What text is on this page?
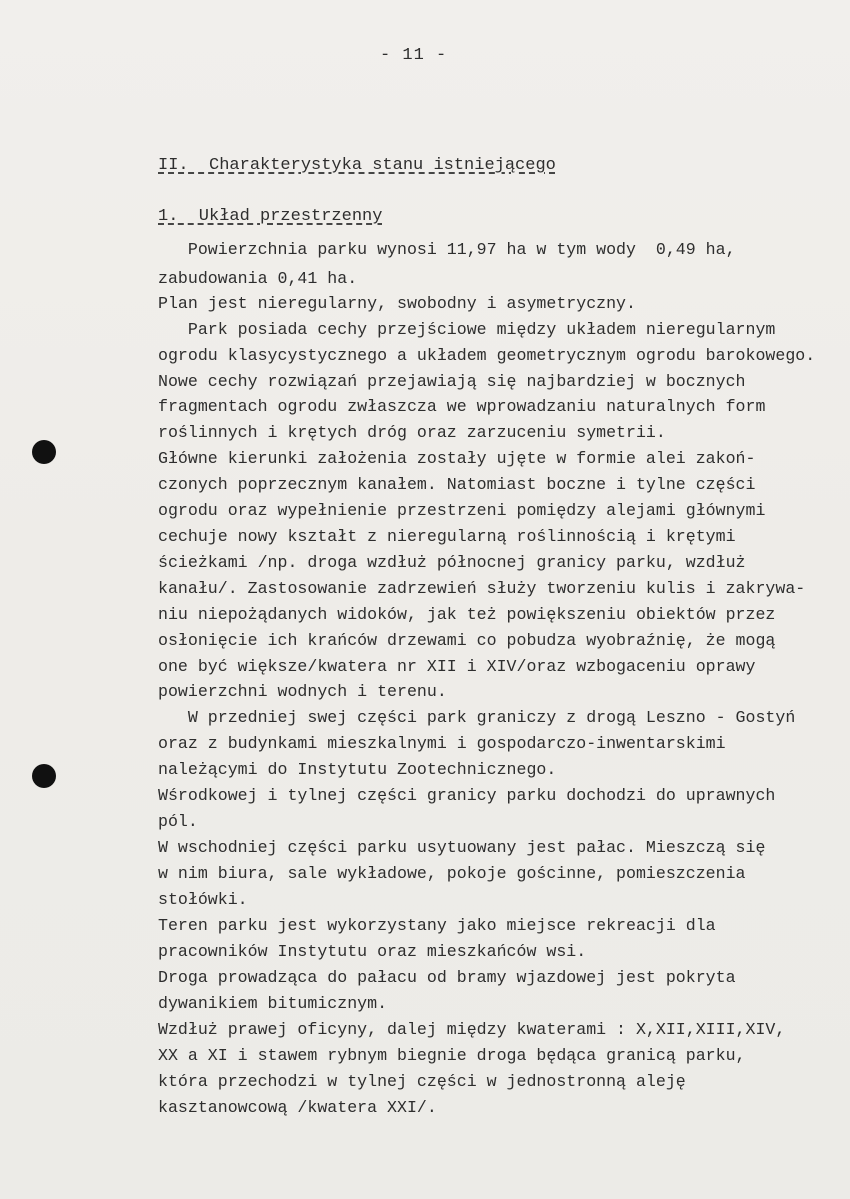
- 11 -
II.  Charakterystyka stanu istniejącego
1.  Układ przestrzenny
Powierzchnia parku wynosi 11,97 ha w tym wody  0,49 ha,
zabudowania 0,41 ha.
Plan jest nieregularny, swobodny i asymetryczny.
Park posiada cechy przejściowe między układem nieregularnym
ogrodu klasycystycznego a układem geometrycznym ogrodu barokowego.
Nowe cechy rozwiązań przejawiają się najbardziej w bocznych
fragmentach ogrodu zwłaszcza we wprowadzaniu naturalnych form
roślinnych i krętych dróg oraz zarzuceniu symetrii.
Główne kierunki założenia zostały ujęte w formie alei zakoń-
czonych poprzecznym kanałem. Natomiast boczne i tylne części
ogrodu oraz wypełnienie przestrzeni pomiędzy alejami głównymi
cechuje nowy kształt z nieregularną roślinnością i krętymi
ścieżkami /np. droga wzdłuż północnej granicy parku, wzdłuż
kanału/. Zastosowanie zadrzewień służy tworzeniu kulis i zakrywa-
niu niepożądanych widoków, jak też powiększeniu obiektów przez
osłonięcie ich krańców drzewami co pobudza wyobraźnię, że mogą
one być większe/kwatera nr XII i XIV/oraz wzbogaceniu oprawy
powierzchni wodnych i terenu.
W przedniej swej części park graniczy z drogą Leszno - Gostyń
oraz z budynkami mieszkalnymi i gospodarczo-inwentarskimi
należącymi do Instytutu Zootechnicznego.
Wśrodkowej i tylnej części granicy parku dochodzi do uprawnych
pól.
W wschodniej części parku usytuowany jest pałac. Mieszczą się
w nim biura, sale wykładowe, pokoje gościnne, pomieszczenia
stołówki.
Teren parku jest wykorzystany jako miejsce rekreacji dla
pracowników Instytutu oraz mieszkańców wsi.
Droga prowadząca do pałacu od bramy wjazdowej jest pokryta
dywanikiem bitumicznym.
Wzdłuż prawej oficyny, dalej między kwaterami : X,XII,XIII,XIV,
XX a XI i stawem rybnym biegnie droga będąca granicą parku,
która przechodzi w tylnej części w jednostronną aleję
kasztanowcową /kwatera XXI/.
